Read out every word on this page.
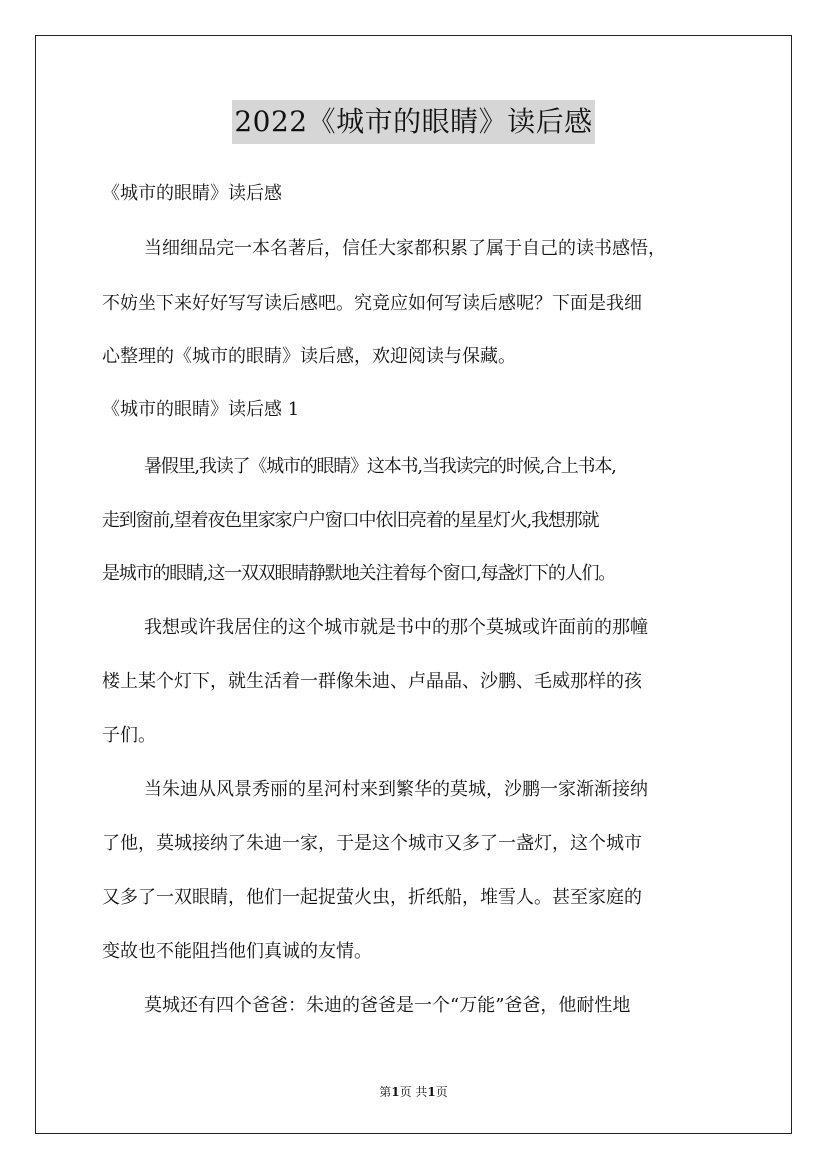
2022《城市的眼睛》读后感
《城市的眼睛》读后感
当细细品完一本名著后，信任大家都积累了属于自己的读书感悟，
不妨坐下来好好写写读后感吧。究竟应如何写读后感呢？下面是我细
心整理的《城市的眼睛》读后感，欢迎阅读与保藏。
《城市的眼睛》读后感 1
暑假里,我读了《城市的眼睛》这本书,当我读完的时候,合上书本,
走到窗前,望着夜色里家家户户窗口中依旧亮着的星星灯火,我想那就
是城市的眼睛,这一双双眼睛静默地关注着每个窗口,每盏灯下的人们。
我想或许我居住的这个城市就是书中的那个莫城或许面前的那幢
楼上某个灯下，就生活着一群像朱迪、卢晶晶、沙鹏、毛威那样的孩
子们。
当朱迪从风景秀丽的星河村来到繁华的莫城，沙鹏一家渐渐接纳
了他，莫城接纳了朱迪一家，于是这个城市又多了一盏灯，这个城市
又多了一双眼睛，他们一起捉萤火虫，折纸船，堆雪人。甚至家庭的
变故也不能阻挡他们真诚的友情。
莫城还有四个爸爸：朱迪的爸爸是一个“万能”爸爸，他耐性地
第1页 共1页
